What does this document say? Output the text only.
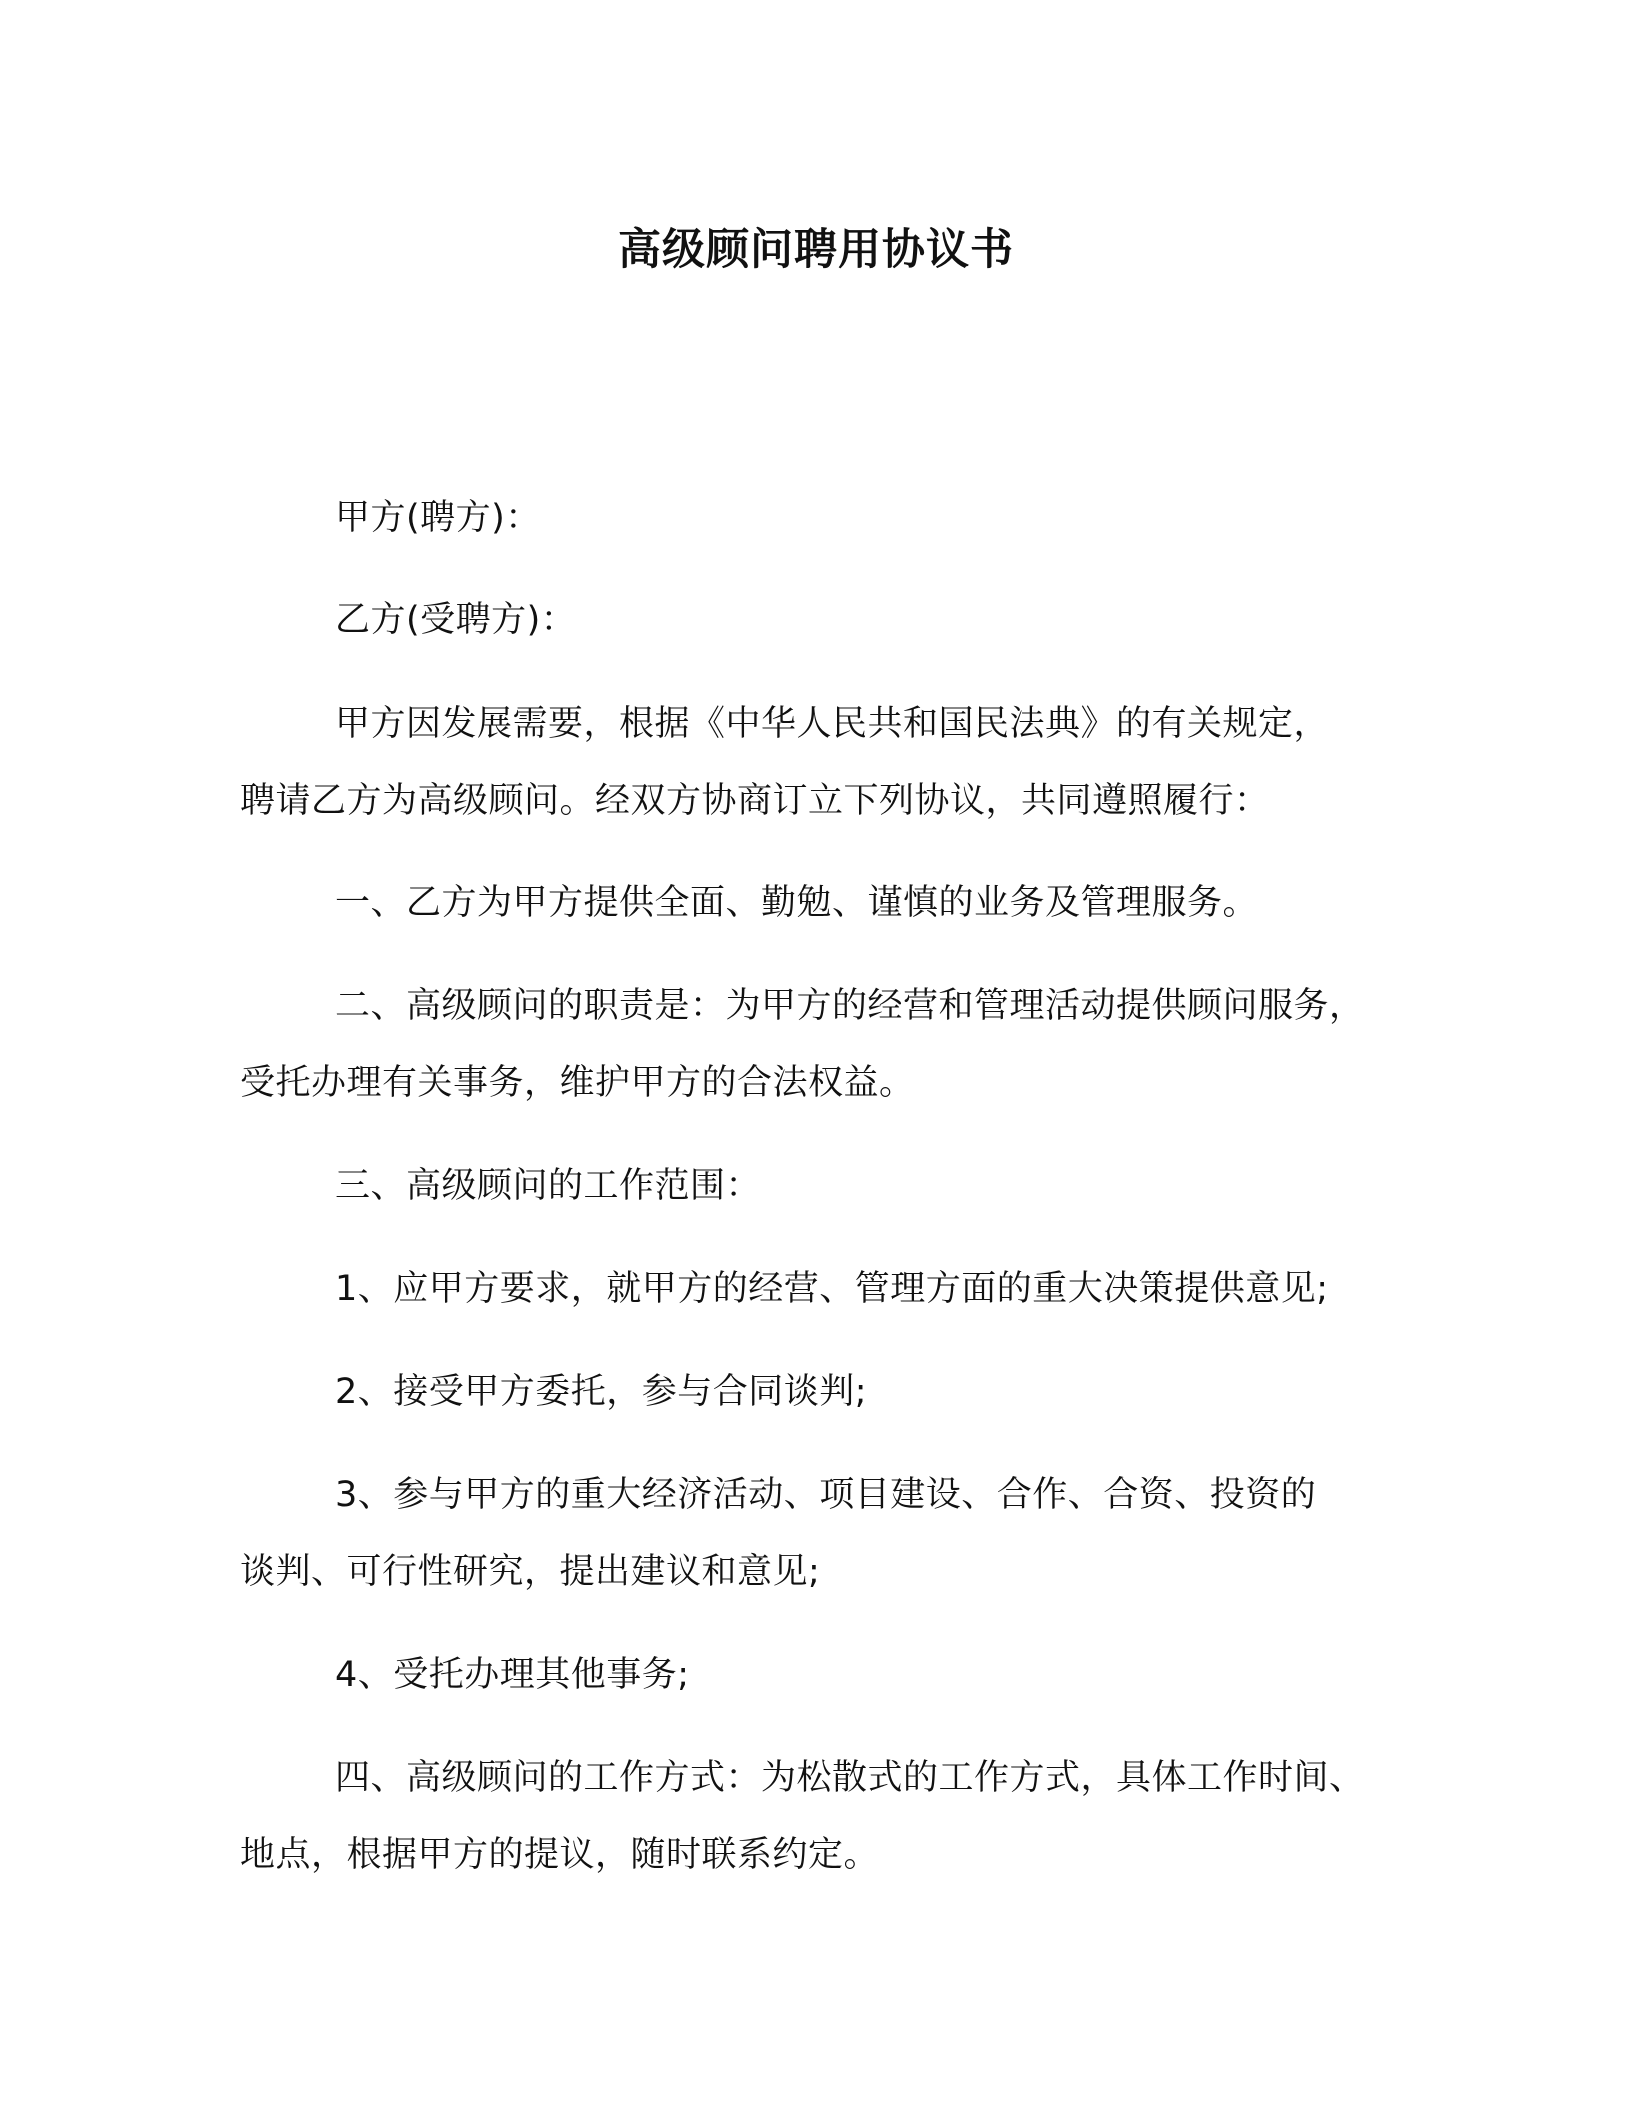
高级顾问聘用协议书
甲方(聘方)：
乙方(受聘方)：
甲方因发展需要，根据《中华人民共和国民法典》的有关规定，
聘请乙方为高级顾问。经双方协商订立下列协议，共同遵照履行：
一、乙方为甲方提供全面、勤勉、谨慎的业务及管理服务。
二、高级顾问的职责是：为甲方的经营和管理活动提供顾问服务，
受托办理有关事务，维护甲方的合法权益。
三、高级顾问的工作范围：
1、应甲方要求，就甲方的经营、管理方面的重大决策提供意见;
2、接受甲方委托，参与合同谈判;
3、参与甲方的重大经济活动、项目建设、合作、合资、投资的
谈判、可行性研究，提出建议和意见;
4、受托办理其他事务;
四、高级顾问的工作方式：为松散式的工作方式，具体工作时间、
地点，根据甲方的提议，随时联系约定。
